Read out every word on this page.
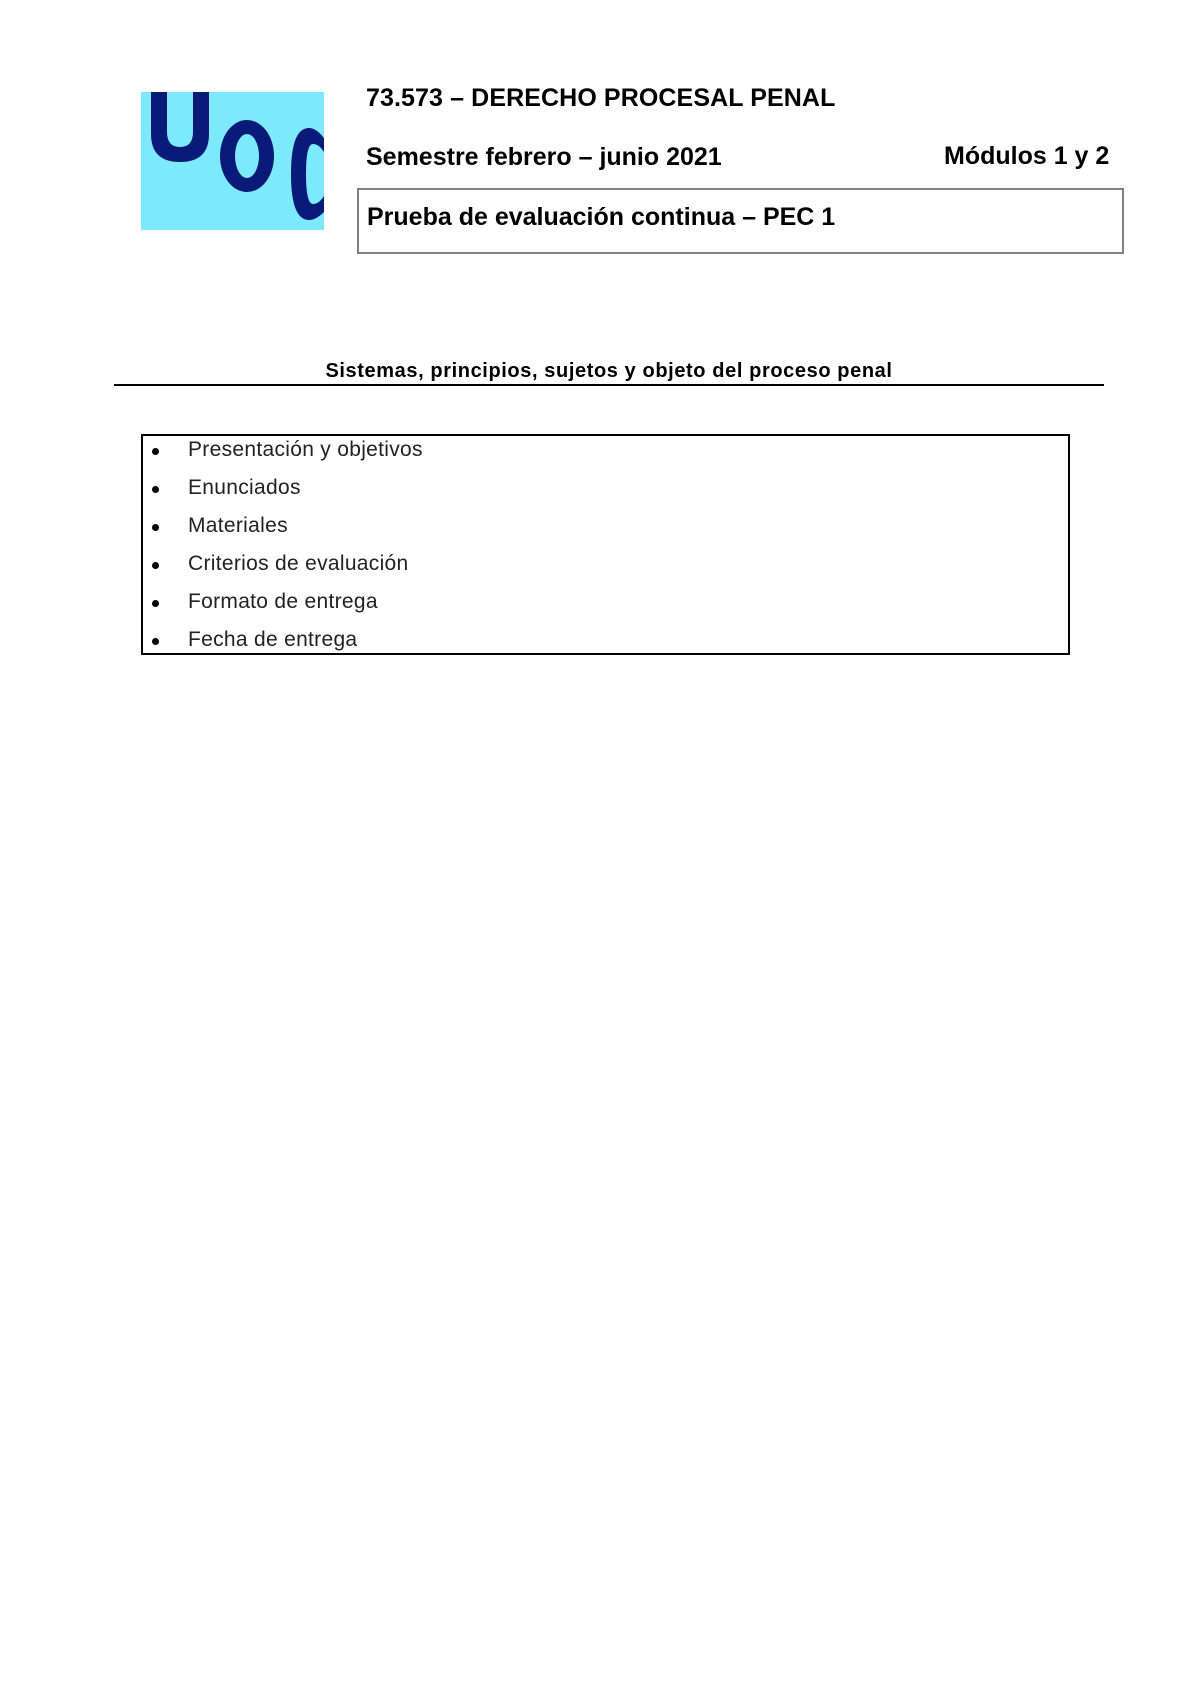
73.573 – DERECHO PROCESAL PENAL
Semestre febrero – junio 2021	Módulos 1 y 2
Prueba de evaluación continua – PEC 1
Sistemas, principios, sujetos y objeto del proceso penal
Presentación y objetivos
Enunciados
Materiales
Criterios de evaluación
Formato de entrega
Fecha de entrega
